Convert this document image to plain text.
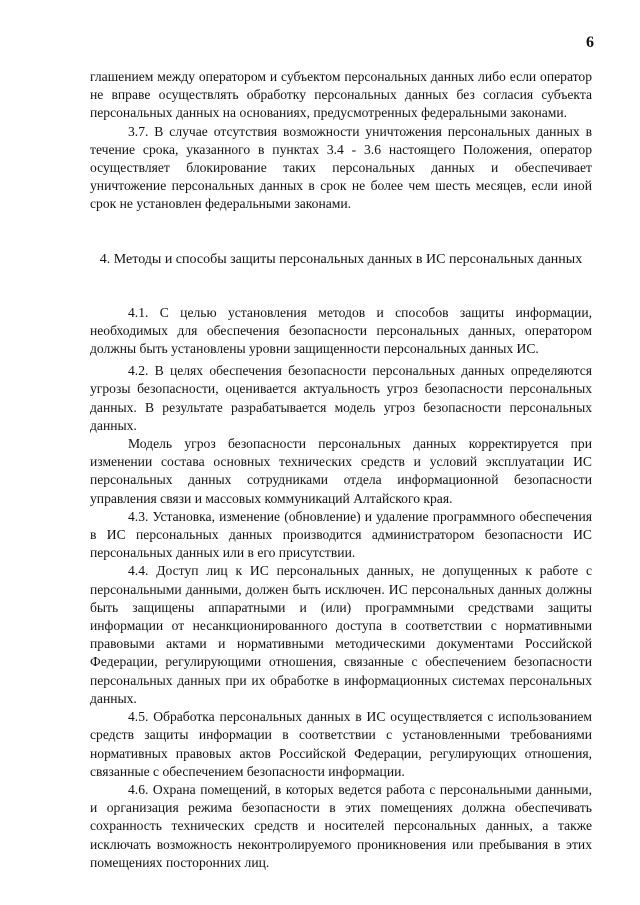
6

глашением между оператором и субъектом персональных данных либо если оператор не вправе осуществлять обработку персональных данных без согласия субъекта персональных данных на основаниях, предусмотренных федеральными законами.

3.7. В случае отсутствия возможности уничтожения персональных данных в течение срока, указанного в пунктах 3.4 - 3.6 настоящего Положения, оператор осуществляет блокирование таких персональных данных и обеспечивает уничтожение персональных данных в срок не более чем шесть месяцев, если иной срок не установлен федеральными законами.

4. Методы и способы защиты персональных данных в ИС персональных данных

4.1. С целью установления методов и способов защиты информации, необходимых для обеспечения безопасности персональных данных, оператором должны быть установлены уровни защищенности персональных данных ИС.

4.2. В целях обеспечения безопасности персональных данных определяются угрозы безопасности, оценивается актуальность угроз безопасности персональных данных. В результате разрабатывается модель угроз безопасности персональных данных.

Модель угроз безопасности персональных данных корректируется при изменении состава основных технических средств и условий эксплуатации ИС персональных данных сотрудниками отдела информационной безопасности управления связи и массовых коммуникаций Алтайского края.

4.3. Установка, изменение (обновление) и удаление программного обеспечения в ИС персональных данных производится администратором безопасности ИС персональных данных или в его присутствии.

4.4. Доступ лиц к ИС персональных данных, не допущенных к работе с персональными данными, должен быть исключен. ИС персональных данных должны быть защищены аппаратными и (или) программными средствами защиты информации от несанкционированного доступа в соответствии с нормативными правовыми актами и нормативными методическими документами Российской Федерации, регулирующими отношения, связанные с обеспечением безопасности персональных данных при их обработке в информационных системах персональных данных.

4.5. Обработка персональных данных в ИС осуществляется с использованием средств защиты информации в соответствии с установленными требованиями нормативных правовых актов Российской Федерации, регулирующих отношения, связанные с обеспечением безопасности информации.

4.6. Охрана помещений, в которых ведется работа с персональными данными, и организация режима безопасности в этих помещениях должна обеспечивать сохранность технических средств и носителей персональных данных, а также исключать возможность неконтролируемого проникновения или пребывания в этих помещениях посторонних лиц.
